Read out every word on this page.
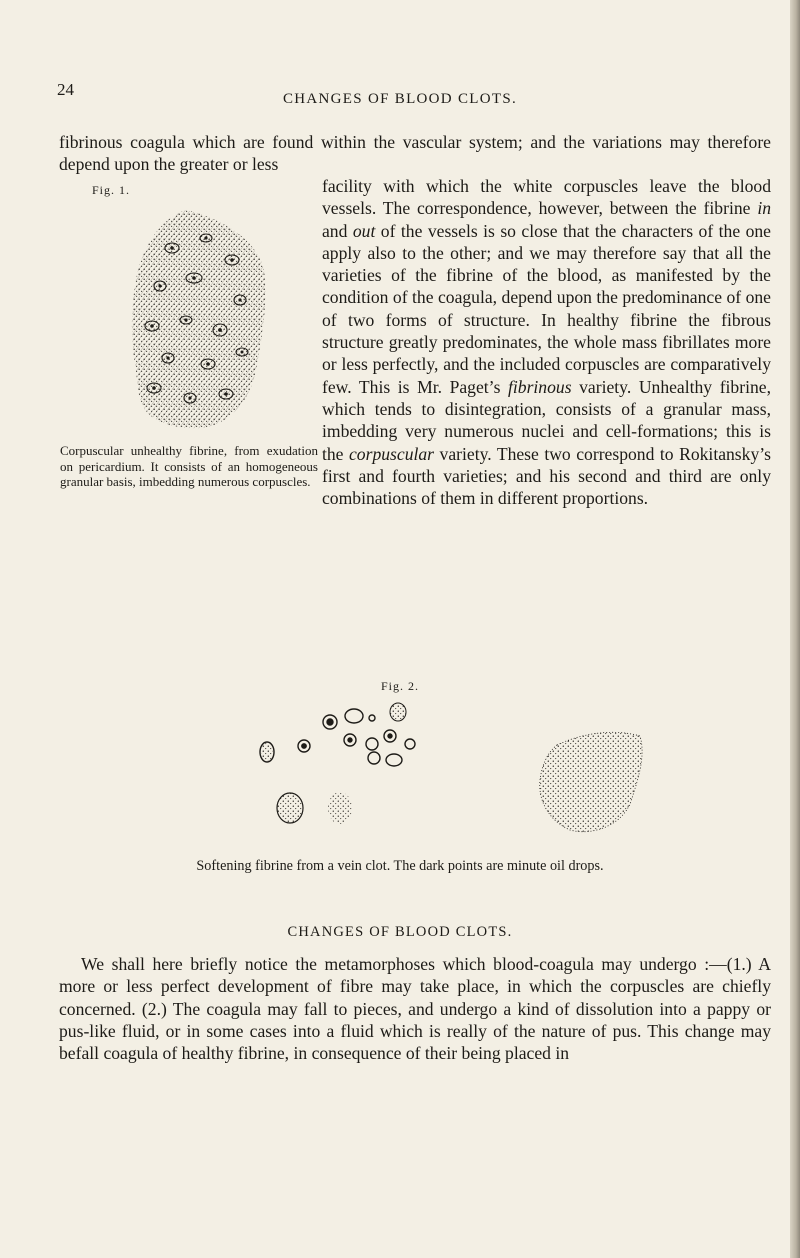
24	CHANGES OF BLOOD CLOTS.

fibrinous coagula which are found within the vascular system; and the variations may therefore depend upon the greater or less

Fig. 1.

Corpuscular unhealthy fibrine, from exudation on pericardium. It consists of an homogeneous granular basis, imbedding numerous corpuscles.

facility with which the white corpuscles leave the blood vessels. The correspondence, however, between the fibrine in and out of the vessels is so close that the characters of the one apply also to the other; and we may therefore say that all the varieties of the fibrine of the blood, as manifested by the condition of the coagula, depend upon the predominance of one of two forms of structure. In healthy fibrine the fibrous structure greatly predominates, the whole mass fibrillates more or less perfectly, and the included corpuscles are comparatively few. This is Mr. Paget’s fibrinous variety. Unhealthy fibrine, which tends to disintegration, consists of a granular mass, imbedding very numerous nuclei and cell-formations; this is the corpuscular variety. These two correspond to Rokitansky’s first and fourth varieties; and his second and third are only combinations of them in different proportions.

Fig. 2.
Softening fibrine from a vein clot. The dark points are minute oil drops.
CHANGES OF BLOOD CLOTS.

We shall here briefly notice the metamorphoses which blood-coagula may undergo :—(1.) A more or less perfect development of fibre may take place, in which the corpuscles are chiefly concerned. (2.) The coagula may fall to pieces, and undergo a kind of dissolution into a pappy or pus-like fluid, or in some cases into a fluid which is really of the nature of pus. This change may befall coagula of healthy fibrine, in consequence of their being placed in
